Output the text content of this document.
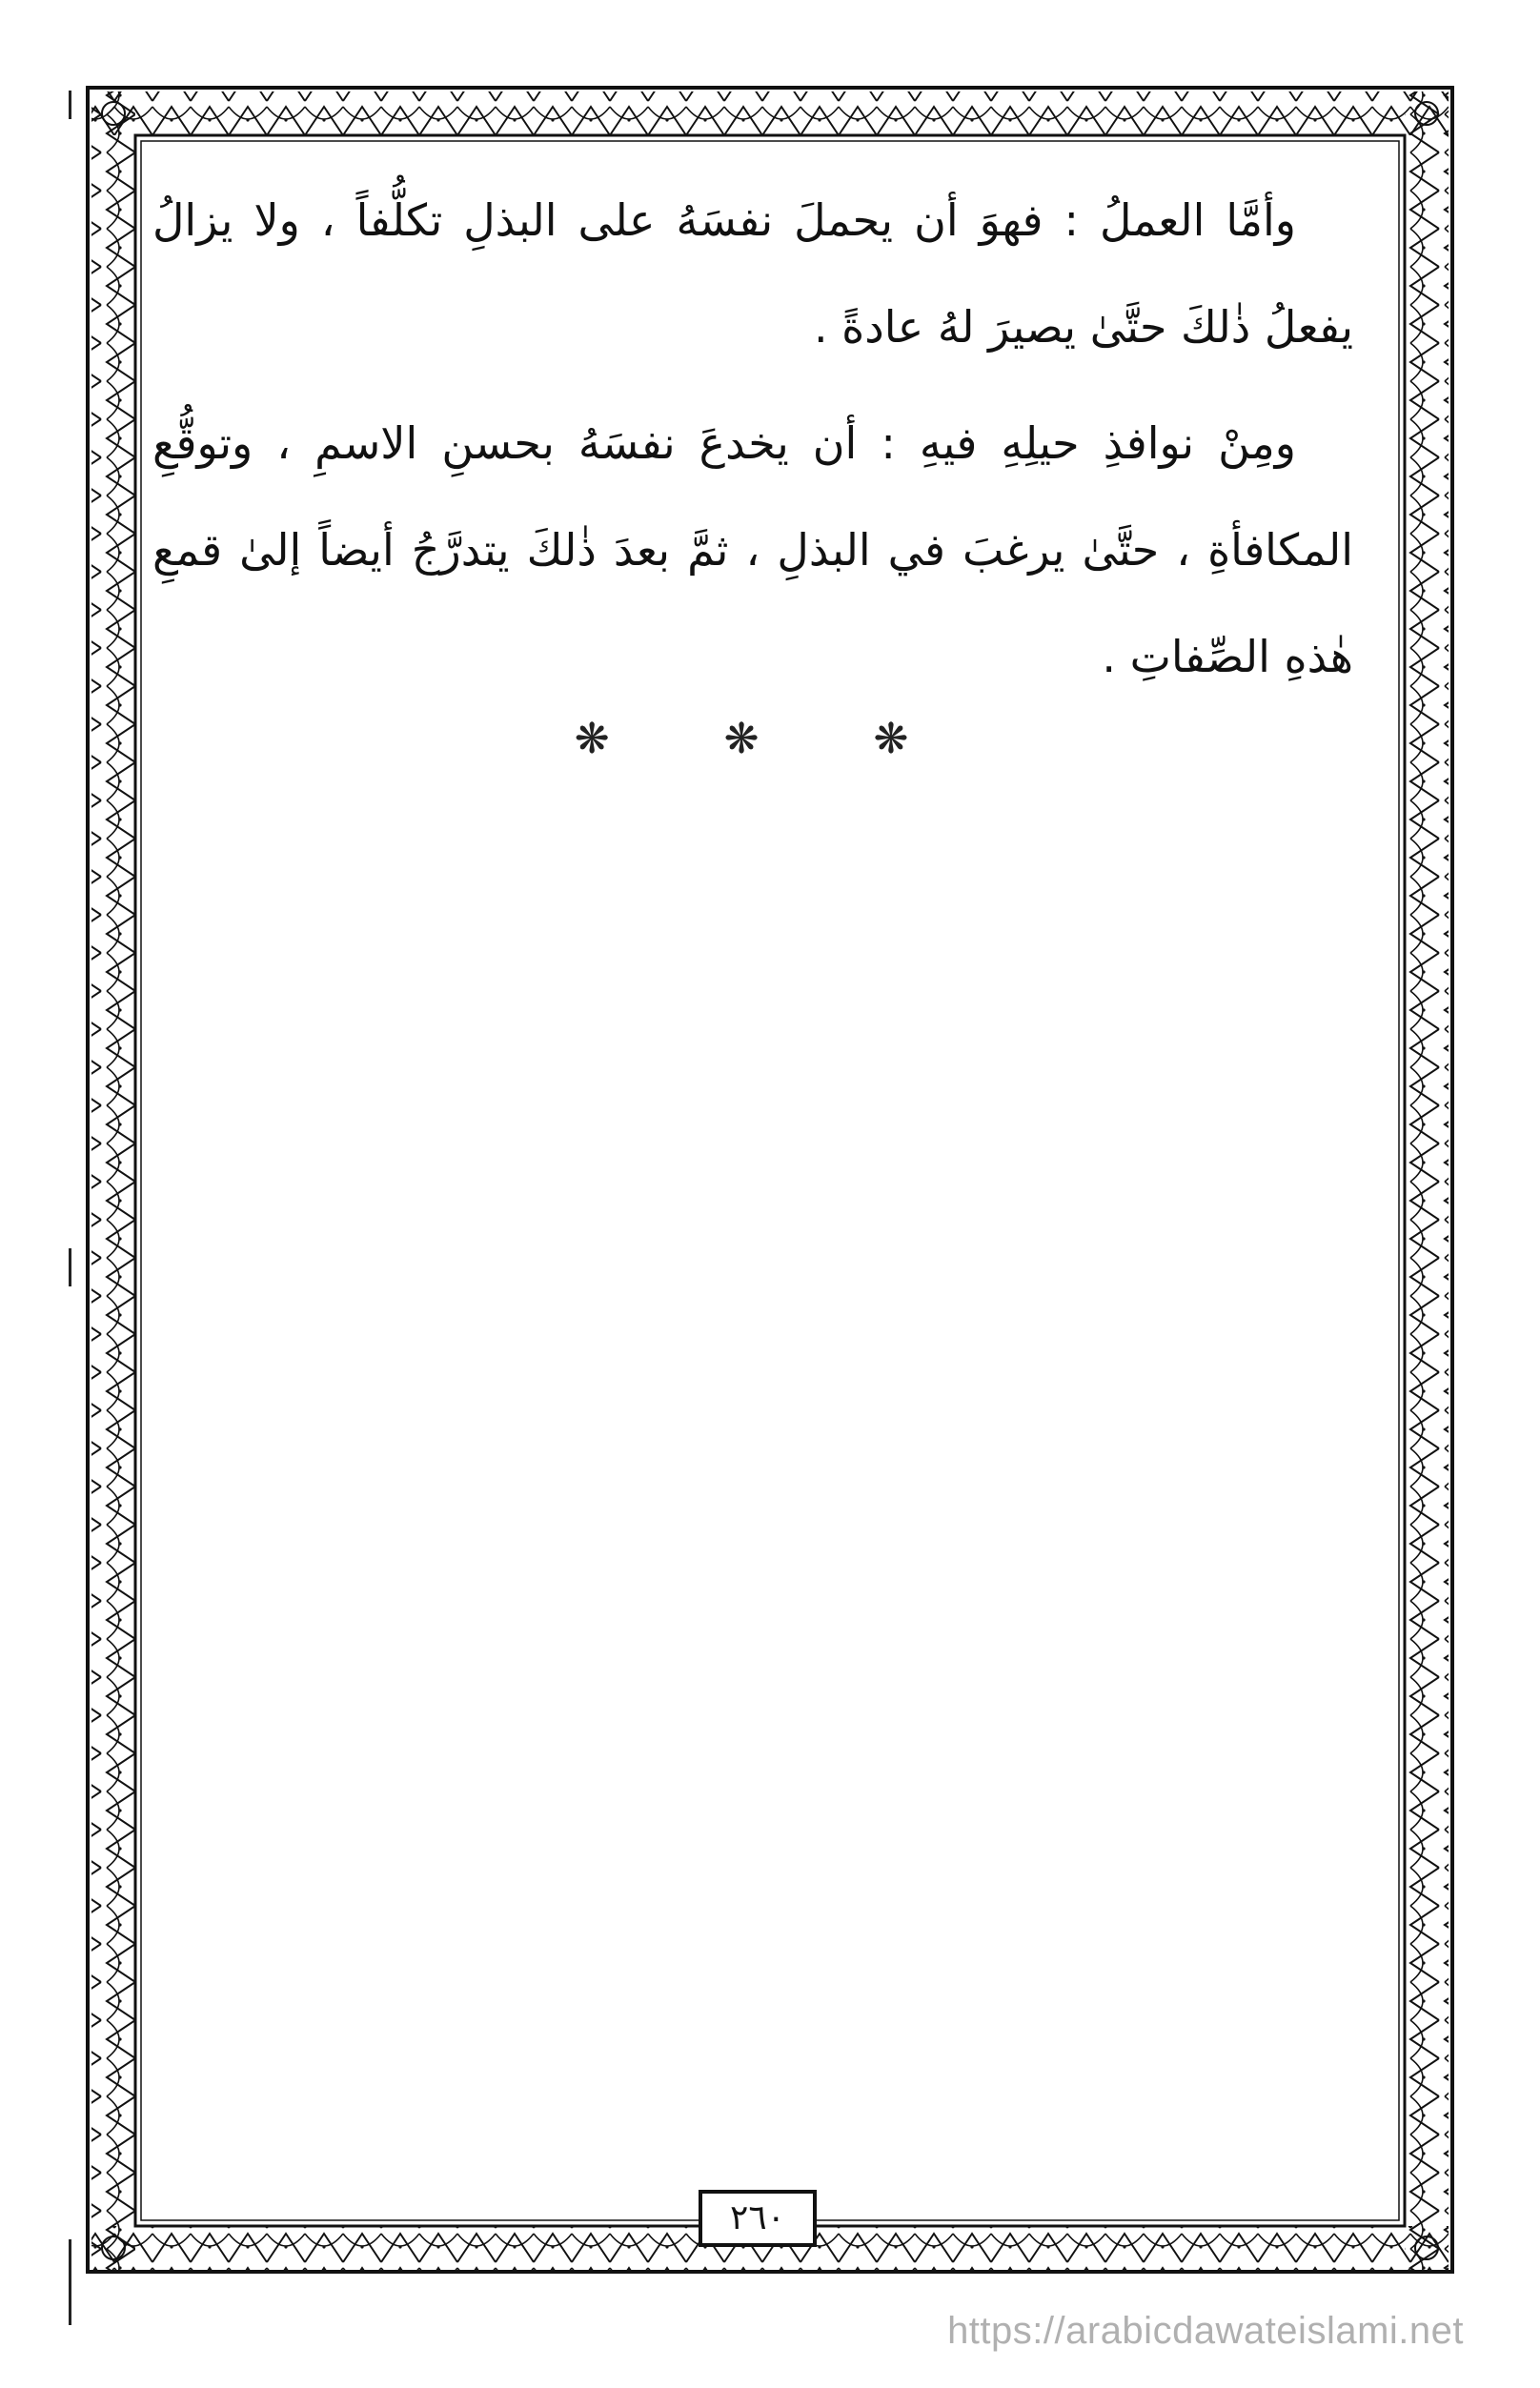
وأمَّا العملُ : فهوَ أن يحملَ نفسَهُ على البذلِ تكلُّفاً ، ولا يزالُ يفعلُ ذٰلكَ حتَّىٰ يصيرَ لهُ عادةً .

ومِنْ نوافذِ حيلِهِ فيهِ : أن يخدعَ نفسَهُ بحسنِ الاسمِ ، وتوقُّعِ المكافأةِ ، حتَّىٰ يرغبَ في البذلِ ، ثمَّ بعدَ ذٰلكَ يتدرَّجُ أيضاً إلىٰ قمعِ هٰذهِ الصِّفاتِ .

❋ ❋ ❋
٢٦٠
https://arabicdawateislami.net
